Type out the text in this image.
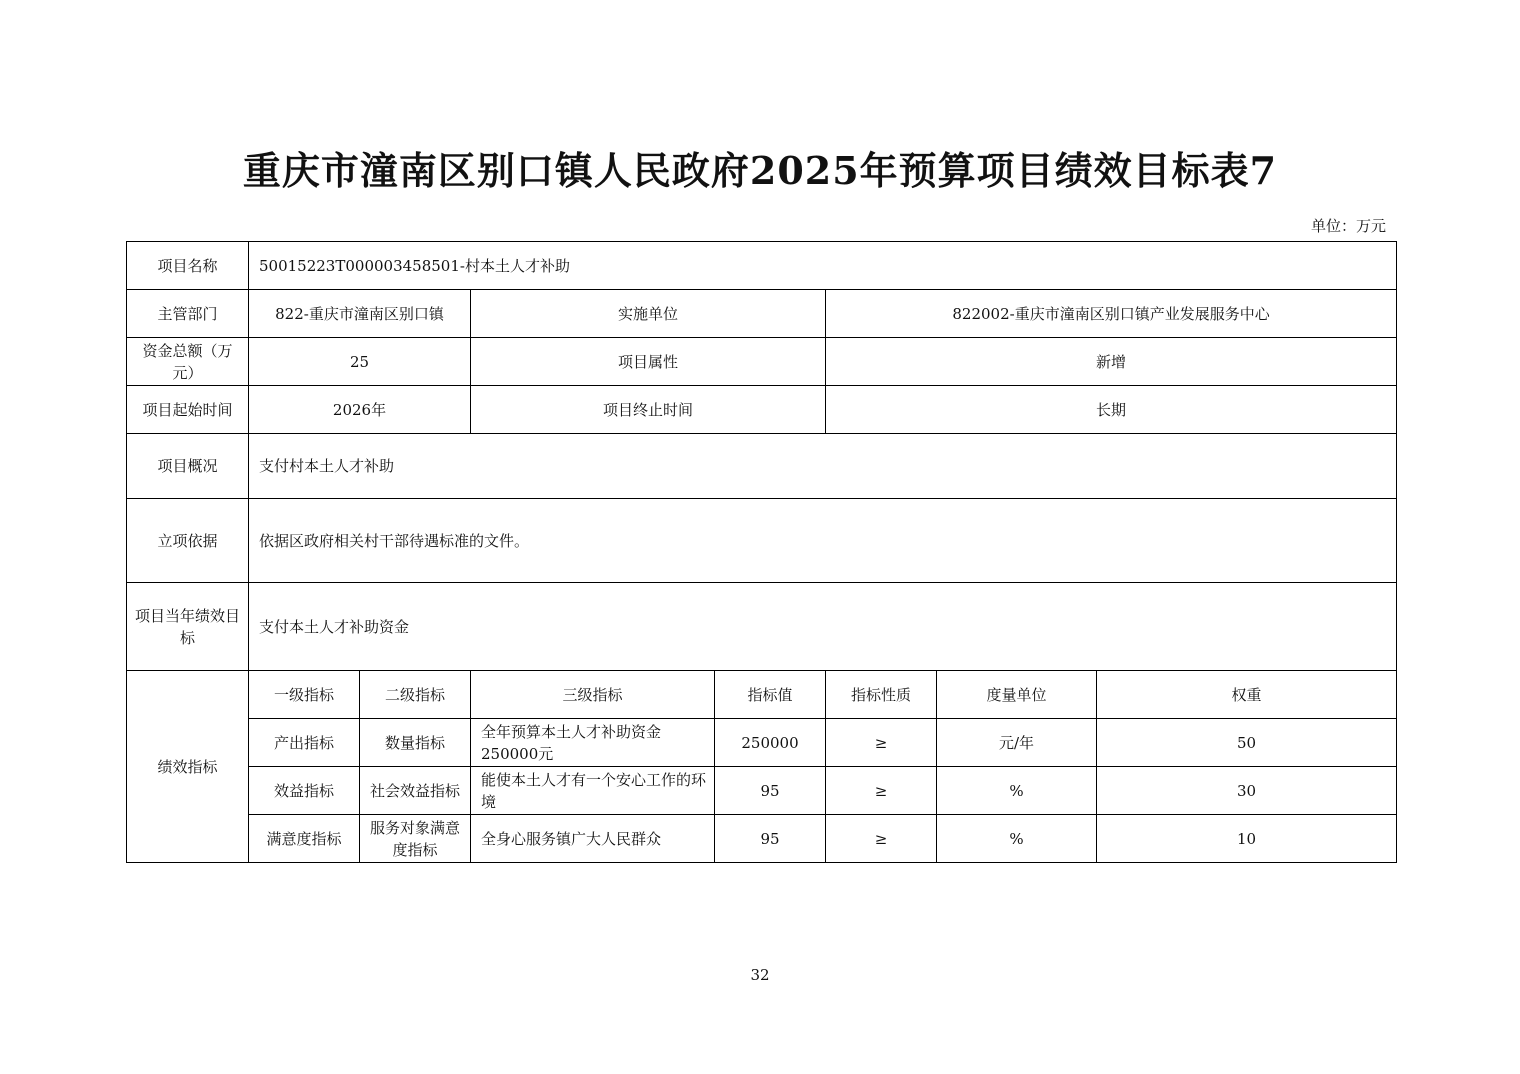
重庆市潼南区别口镇人民政府2025年预算项目绩效目标表7
单位：万元
项目名称	50015223T000003458501-村本土人才补助						
主管部门	822-重庆市潼南区别口镇		实施单位		822002-重庆市潼南区别口镇产业发展服务中心		
资金总额（万元）	25		项目属性		新增		
项目起始时间	2026年		项目终止时间		长期		
项目概况	支付村本土人才补助						
立项依据	依据区政府相关村干部待遇标准的文件。						
项目当年绩效目标	支付本土人才补助资金						
绩效指标	一级指标	二级指标	三级指标	指标值	指标性质	度量单位	权重
	产出指标	数量指标	全年预算本土人才补助资金250000元	250000	≥	元/年	50
	效益指标	社会效益指标	能使本土人才有一个安心工作的环境	95	≥	%	30
	满意度指标	服务对象满意度指标	全身心服务镇广大人民群众	95	≥	%	10
32
